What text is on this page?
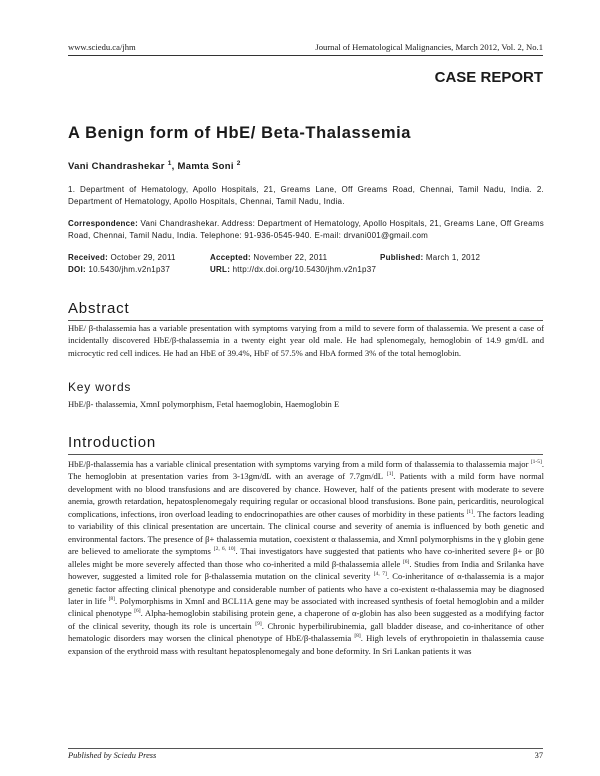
www.sciedu.ca/jhm	Journal of Hematological Malignancies, March 2012, Vol. 2, No.1
CASE REPORT
A Benign form of HbE/ Beta-Thalassemia
Vani Chandrashekar $^1$, Mamta Soni $^2$
1. Department of Hematology, Apollo Hospitals, 21, Greams Lane, Off Greams Road, Chennai, Tamil Nadu, India. 2. Department of Hematology, Apollo Hospitals, Chennai, Tamil Nadu, India.
Correspondence: Vani Chandrashekar. Address: Department of Hematology, Apollo Hospitals, 21, Greams Lane, Off Greams Road, Chennai, Tamil Nadu, India. Telephone: 91-936-0545-940. E-mail: drvani001@gmail.com
Received: October 29, 2011	Accepted: November 22, 2011	Published: March 1, 2012
DOI: 10.5430/jhm.v2n1p37	URL: http://dx.doi.org/10.5430/jhm.v2n1p37
Abstract
HbE/ β-thalassemia has a variable presentation with symptoms varying from a mild to severe form of thalassemia. We present a case of incidentally discovered HbE/β-thalassemia in a twenty eight year old male. He had splenomegaly, hemoglobin of 14.9 gm/dL and microcytic red cell indices. He had an HbE of 39.4%, HbF of 57.5% and HbA formed 3% of the total hemoglobin.
Key words
HbE/β- thalassemia, XmnI polymorphism, Fetal haemoglobin, Haemoglobin E
Introduction
HbE/β-thalassemia has a variable clinical presentation with symptoms varying from a mild form of thalassemia to thalassemia major [1-5]. The hemoglobin at presentation varies from 3-13gm/dL with an average of 7.7gm/dL [1]. Patients with a mild form have normal development with no blood transfusions and are discovered by chance. However, half of the patients present with moderate to severe anemia, growth retardation, hepatosplenomegaly requiring regular or occasional blood transfusions. Bone pain, pericarditis, neurological complications, infections, iron overload leading to endocrinopathies are other causes of morbidity in these patients [1]. The factors leading to variability of this clinical presentation are uncertain. The clinical course and severity of anemia is influenced by both genetic and environmental factors. The presence of β+ thalassemia mutation, coexistent α thalassemia, and XmnI polymorphisms in the γ globin gene are believed to ameliorate the symptoms [2, 6, 10]. Thai investigators have suggested that patients who have co-inherited severe β+ or β0 alleles might be more severely affected than those who co-inherited a mild β-thalassemia allele [6]. Studies from India and Srilanka have however, suggested a limited role for β-thalassemia mutation on the clinical severity [4, 7]. Co-inheritance of α-thalassemia is a major genetic factor affecting clinical phenotype and considerable number of patients who have a co-existent α-thalassemia may be diagnosed later in life [8]. Polymorphisms in XmnI and BCL11A gene may be associated with increased synthesis of foetal hemoglobin and a milder clinical phenotype [6]. Alpha-hemoglobin stabilising protein gene, a chaperone of α-globin has also been suggested as a modifying factor of the clinical severity, though its role is uncertain [9]. Chronic hyperbilirubinemia, gall bladder disease, and co-inheritance of other hematologic disorders may worsen the clinical phenotype of HbE/β-thalassemia [8]. High levels of erythropoietin in thalassemia cause expansion of the erythroid mass with resultant hepatosplenomegaly and bone deformity. In Sri Lankan patients it was
Published by Sciedu Press	37
